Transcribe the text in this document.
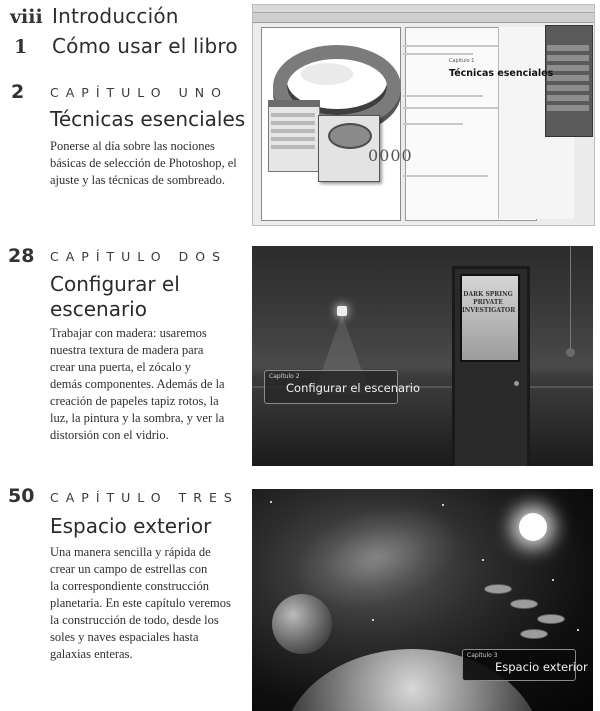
viii Introducción
1 Cómo usar el libro
2 CAPÍTULO UNO
Técnicas esenciales
Ponerse al día sobre las nociones
básicas de selección de Photoshop, el
ajuste y las técnicas de sombreado.
0000
Capítulo 1
Técnicas esenciales
28 CAPÍTULO DOS
Configurar el
escenario
Trabajar con madera: usaremos
nuestra textura de madera para
crear una puerta, el zócalo y
demás componentes. Además de la
creación de papeles tapiz rotos, la
luz, la pintura y la sombra, y ver la
distorsión con el vidrio.
DARK SPRING
PRIVATE
INVESTIGATOR
Capítulo 2
Configurar el escenario
50 CAPÍTULO TRES
Espacio exterior
Una manera sencilla y rápida de
crear un campo de estrellas con
la correspondiente construcción
planetaria. En este capítulo veremos
la construcción de todo, desde los
soles y naves espaciales hasta
galaxias enteras.	Capítulo 3
Espacio exterior
